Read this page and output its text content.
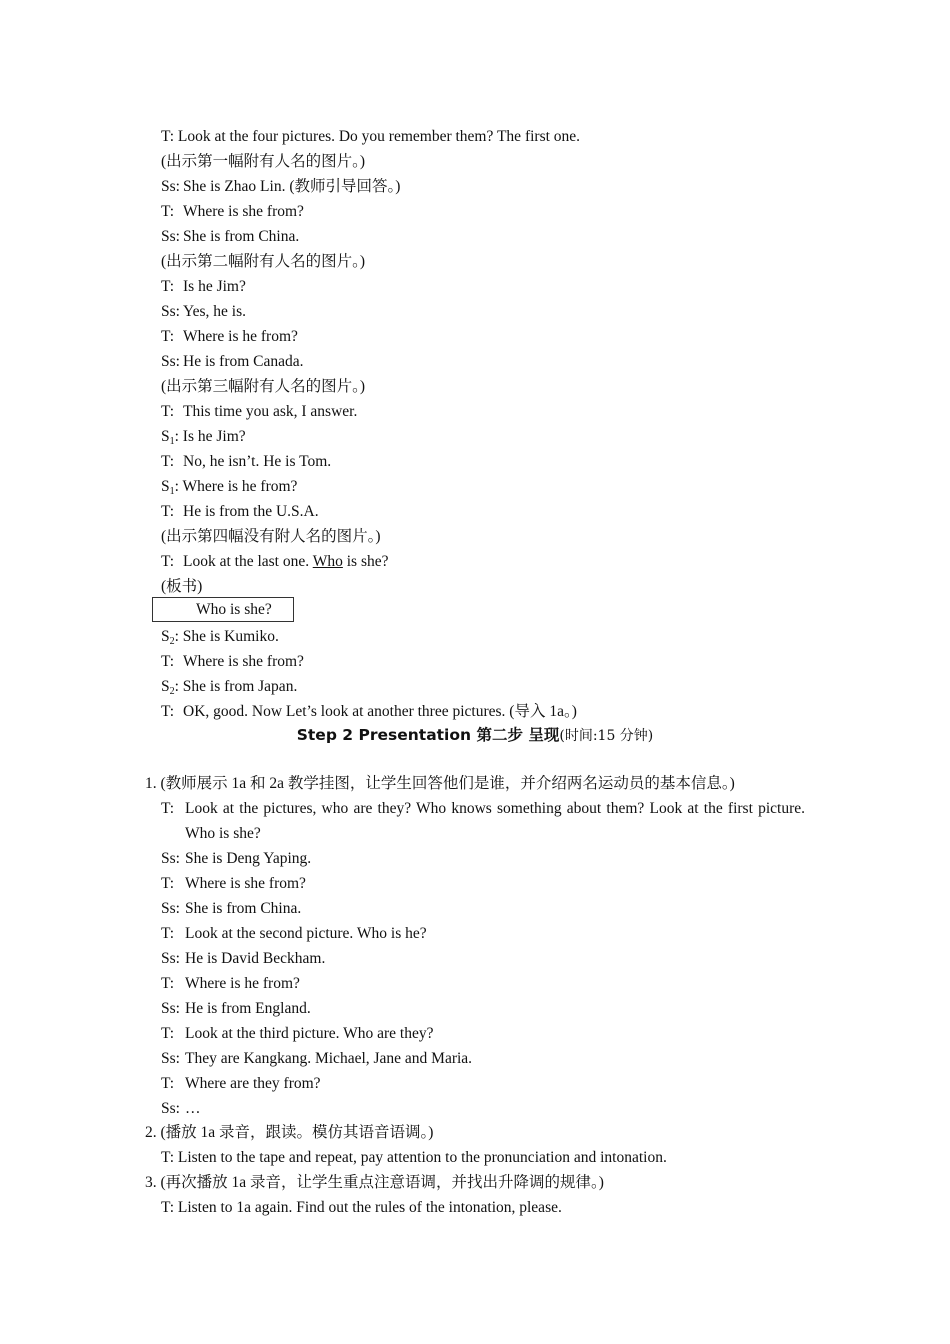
T: Look at the four pictures. Do you remember them? The first one.
(出示第一幅附有人名的图片。)
Ss: She is Zhao Lin. (教师引导回答。)
T: Where is she from?
Ss: She is from China.
(出示第二幅附有人名的图片。)
T: Is he Jim?
Ss: Yes, he is.
T: Where is he from?
Ss: He is from Canada.
(出示第三幅附有人名的图片。)
T: This time you ask, I answer.
$S_1$: Is he Jim?
T: No, he isn’t. He is Tom.
$S_1$: Where is he from?
T: He is from the U.S.A.
(出示第四幅没有附人名的图片。)
T: Look at the last one. Who is she?
(板书)
Who is she?
$S_2$: She is Kumiko.
T: Where is she from?
$S_2$: She is from Japan.
T: OK, good. Now Let’s look at another three pictures. (导入 1a。)
Step 2 Presentation 第二步 呈现(时间:15 分钟)
1. (教师展示 1a 和 2a 教学挂图，让学生回答他们是谁，并介绍两名运动员的基本信息。)
T: Look at the pictures, who are they? Who knows something about them? Look at the first picture. Who is she?
Ss: She is Deng Yaping.
T: Where is she from?
Ss: She is from China.
T: Look at the second picture. Who is he?
Ss: He is David Beckham.
T: Where is he from?
Ss: He is from England.
T: Look at the third picture. Who are they?
Ss: They are Kangkang. Michael, Jane and Maria.
T: Where are they from?
Ss: …
2. (播放 1a 录音，跟读。模仿其语音语调。)
T: Listen to the tape and repeat, pay attention to the pronunciation and intonation.
3. (再次播放 1a 录音，让学生重点注意语调，并找出升降调的规律。)
T: Listen to 1a again. Find out the rules of the intonation, please.
